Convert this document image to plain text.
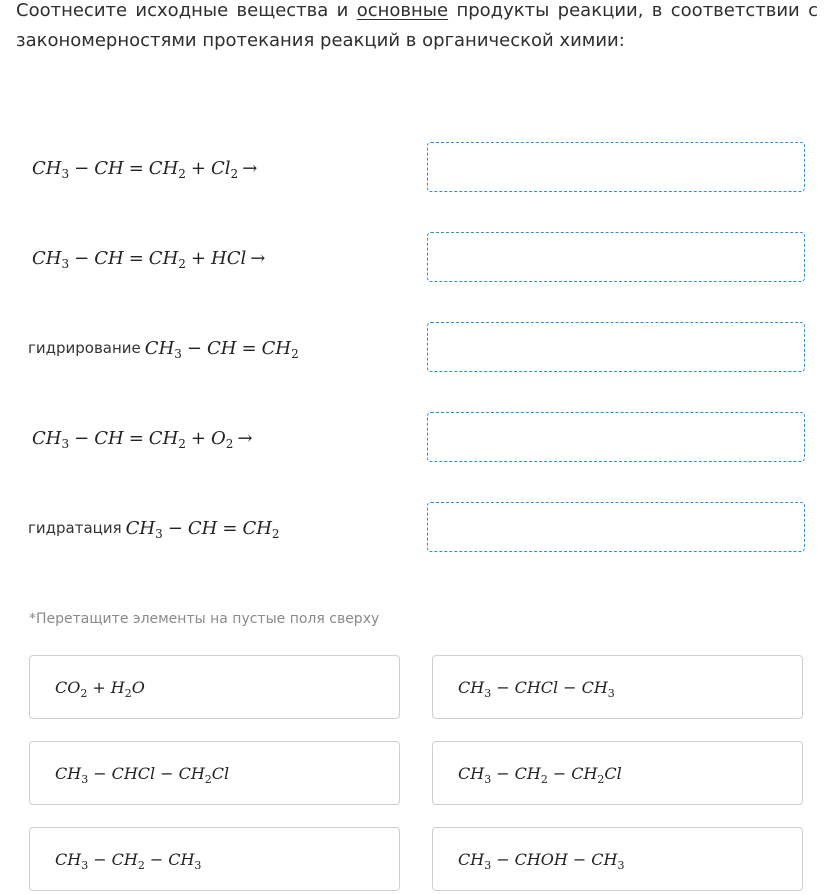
Соотнесите исходные вещества и основные продукты реакции, в соответствии с закономерностями протекания реакций в органической химии:
$CH_3$ − CH = $CH_2 + Cl_2$ →
$CH_3$ − CH = $CH_2$ + HCl →
гидрирование $CH_3$ − CH = $CH_2$
$CH_3$ − CH = $CH_2 + O_2$ →
гидратация $CH_3$ − CH = $CH_2$
*Перетащите элементы на пустые поля сверху
$CO_2 + H_2O$	$CH_3$ − CHCl − $CH_3$
$CH_3$ − CHCl − $CH_2Cl$	$CH_3 - CH_2 - CH_2Cl$
$CH_3 - CH_2 - CH_3$	$CH_3$ − CHOH − $CH_3$
